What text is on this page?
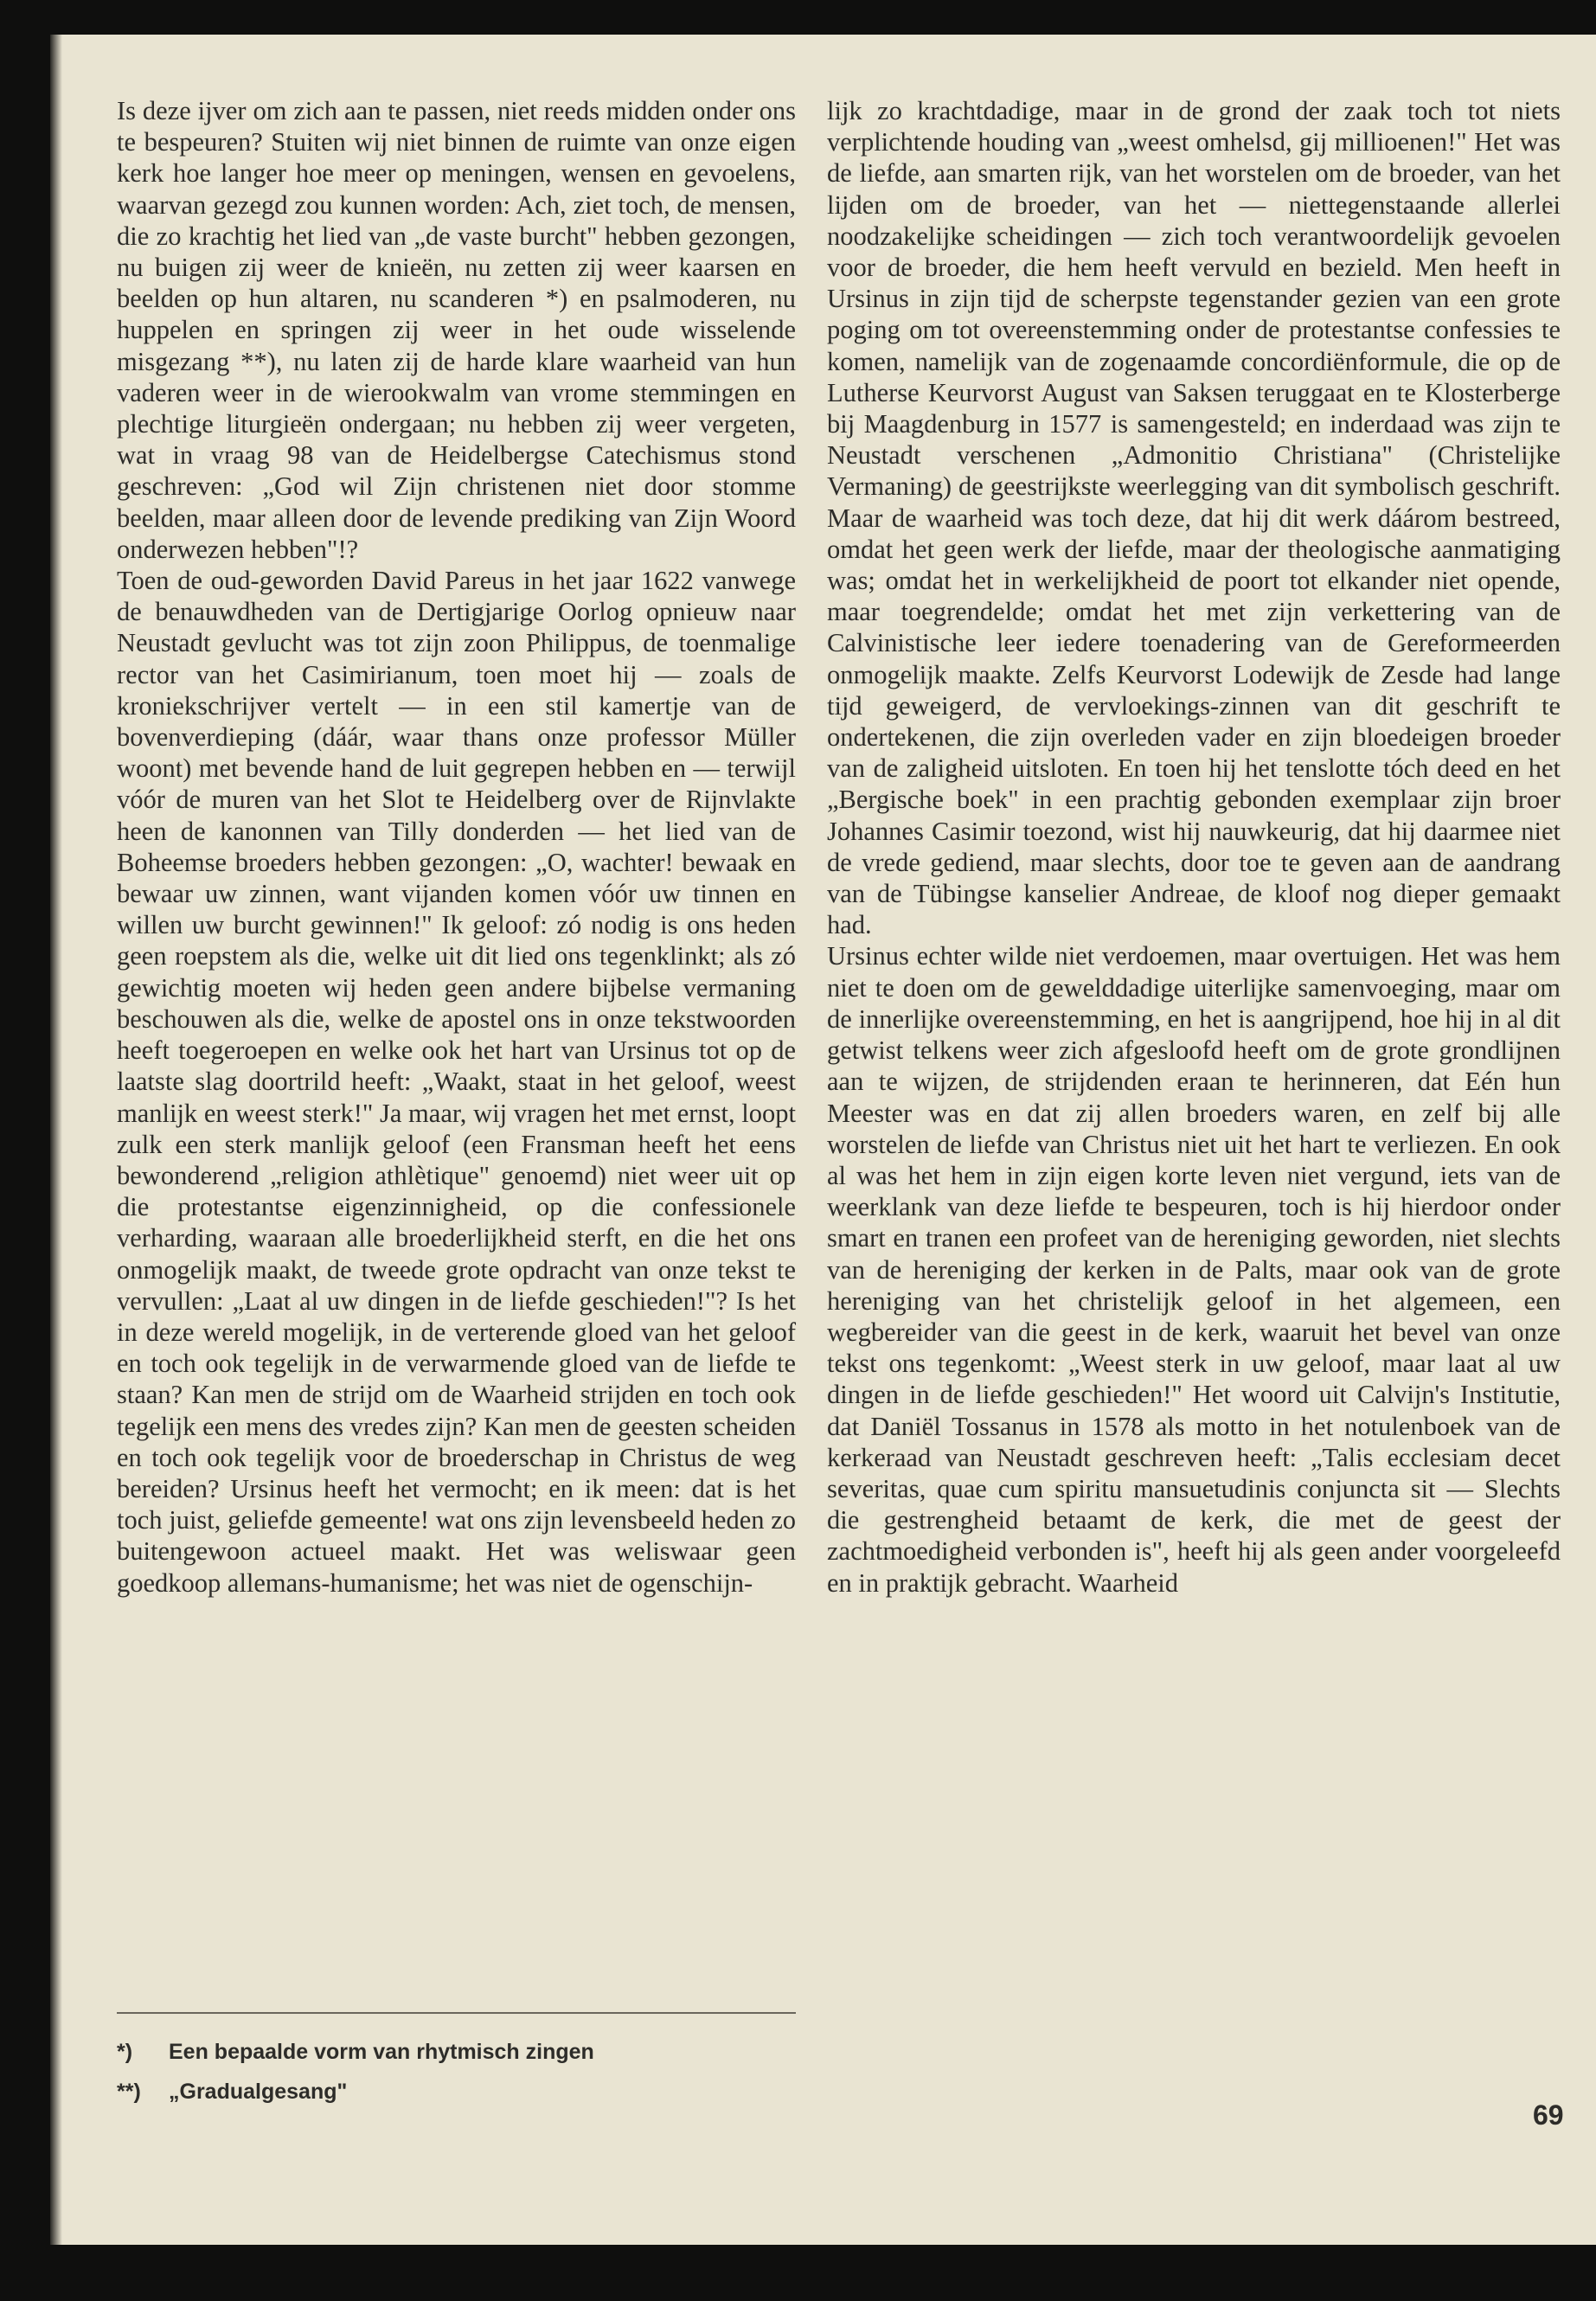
Is deze ijver om zich aan te passen, niet reeds midden onder ons te bespeuren? Stuiten wij niet binnen de ruimte van onze eigen kerk hoe langer hoe meer op meningen, wensen en gevoelens, waarvan gezegd zou kunnen worden: Ach, ziet toch, de mensen, die zo krachtig het lied van „de vaste burcht" hebben gezongen, nu buigen zij weer de knieën, nu zetten zij weer kaarsen en beelden op hun altaren, nu scanderen *) en psalmoderen, nu huppelen en springen zij weer in het oude wisselende misgezang **), nu laten zij de harde klare waarheid van hun vaderen weer in de wierookwalm van vrome stemmingen en plechtige liturgieën ondergaan; nu hebben zij weer vergeten, wat in vraag 98 van de Heidelbergse Catechismus stond geschreven: „God wil Zijn christenen niet door stomme beelden, maar alleen door de levende prediking van Zijn Woord onderwezen hebben"!?

Toen de oud-geworden David Pareus in het jaar 1622 vanwege de benauwdheden van de Dertigjarige Oorlog opnieuw naar Neustadt gevlucht was tot zijn zoon Philippus, de toenmalige rector van het Casimirianum, toen moet hij — zoals de kroniekschrijver vertelt — in een stil kamertje van de bovenverdieping (dáár, waar thans onze professor Müller woont) met bevende hand de luit gegrepen hebben en — terwijl vóór de muren van het Slot te Heidelberg over de Rijnvlakte heen de kanonnen van Tilly donderden — het lied van de Boheemse broeders hebben gezongen: „O, wachter! bewaak en bewaar uw zinnen, want vijanden komen vóór uw tinnen en willen uw burcht gewinnen!" Ik geloof: zó nodig is ons heden geen roepstem als die, welke uit dit lied ons tegenklinkt; als zó gewichtig moeten wij heden geen andere bijbelse vermaning beschouwen als die, welke de apostel ons in onze tekstwoorden heeft toegeroepen en welke ook het hart van Ursinus tot op de laatste slag doortrild heeft: „Waakt, staat in het geloof, weest manlijk en weest sterk!" Ja maar, wij vragen het met ernst, loopt zulk een sterk manlijk geloof (een Fransman heeft het eens bewonderend „religion athlètique" genoemd) niet weer uit op die protestantse eigenzinnigheid, op die confessionele verharding, waaraan alle broederlijkheid sterft, en die het ons onmogelijk maakt, de tweede grote opdracht van onze tekst te vervullen: „Laat al uw dingen in de liefde geschieden!"? Is het in deze wereld mogelijk, in de verterende gloed van het geloof en toch ook tegelijk in de verwarmende gloed van de liefde te staan? Kan men de strijd om de Waarheid strijden en toch ook tegelijk een mens des vredes zijn? Kan men de geesten scheiden en toch ook tegelijk voor de broederschap in Christus de weg bereiden? Ursinus heeft het vermocht; en ik meen: dat is het toch juist, geliefde gemeente! wat ons zijn levensbeeld heden zo buitengewoon actueel maakt. Het was weliswaar geen goedkoop allemans-humanisme; het was niet de ogenschijn-

lijk zo krachtdadige, maar in de grond der zaak toch tot niets verplichtende houding van „weest omhelsd, gij millioenen!" Het was de liefde, aan smarten rijk, van het worstelen om de broeder, van het lijden om de broeder, van het — niettegenstaande allerlei noodzakelijke scheidingen — zich toch verantwoordelijk gevoelen voor de broeder, die hem heeft vervuld en bezield. Men heeft in Ursinus in zijn tijd de scherpste tegenstander gezien van een grote poging om tot overeenstemming onder de protestantse confessies te komen, namelijk van de zogenaamde concordiënformule, die op de Lutherse Keurvorst August van Saksen teruggaat en te Klosterberge bij Maagdenburg in 1577 is samengesteld; en inderdaad was zijn te Neustadt verschenen „Admonitio Christiana" (Christelijke Vermaning) de geestrijkste weerlegging van dit symbolisch geschrift. Maar de waarheid was toch deze, dat hij dit werk dáárom bestreed, omdat het geen werk der liefde, maar der theologische aanmatiging was; omdat het in werkelijkheid de poort tot elkander niet opende, maar toegrendelde; omdat het met zijn verkettering van de Calvinistische leer iedere toenadering van de Gereformeerden onmogelijk maakte. Zelfs Keurvorst Lodewijk de Zesde had lange tijd geweigerd, de vervloekings-zinnen van dit geschrift te ondertekenen, die zijn overleden vader en zijn bloedeigen broeder van de zaligheid uitsloten. En toen hij het tenslotte tóch deed en het „Bergische boek" in een prachtig gebonden exemplaar zijn broer Johannes Casimir toezond, wist hij nauwkeurig, dat hij daarmee niet de vrede gediend, maar slechts, door toe te geven aan de aandrang van de Tübingse kanselier Andreae, de kloof nog dieper gemaakt had.

Ursinus echter wilde niet verdoemen, maar overtuigen. Het was hem niet te doen om de gewelddadige uiterlijke samenvoeging, maar om de innerlijke overeenstemming, en het is aangrijpend, hoe hij in al dit getwist telkens weer zich afgesloofd heeft om de grote grondlijnen aan te wijzen, de strijdenden eraan te herinneren, dat Eén hun Meester was en dat zij allen broeders waren, en zelf bij alle worstelen de liefde van Christus niet uit het hart te verliezen. En ook al was het hem in zijn eigen korte leven niet vergund, iets van de weerklank van deze liefde te bespeuren, toch is hij hierdoor onder smart en tranen een profeet van de hereniging geworden, niet slechts van de hereniging der kerken in de Palts, maar ook van de grote hereniging van het christelijk geloof in het algemeen, een wegbereider van die geest in de kerk, waaruit het bevel van onze tekst ons tegenkomt: „Weest sterk in uw geloof, maar laat al uw dingen in de liefde geschieden!" Het woord uit Calvijn's Institutie, dat Daniël Tossanus in 1578 als motto in het notulenboek van de kerkeraad van Neustadt geschreven heeft: „Talis ecclesiam decet severitas, quae cum spiritu mansuetudinis conjuncta sit — Slechts die gestrengheid betaamt de kerk, die met de geest der zachtmoedigheid verbonden is", heeft hij als geen ander voorgeleefd en in praktijk gebracht. Waarheid

*) Een bepaalde vorm van rhytmisch zingen
**) „Gradualgesang"
69
